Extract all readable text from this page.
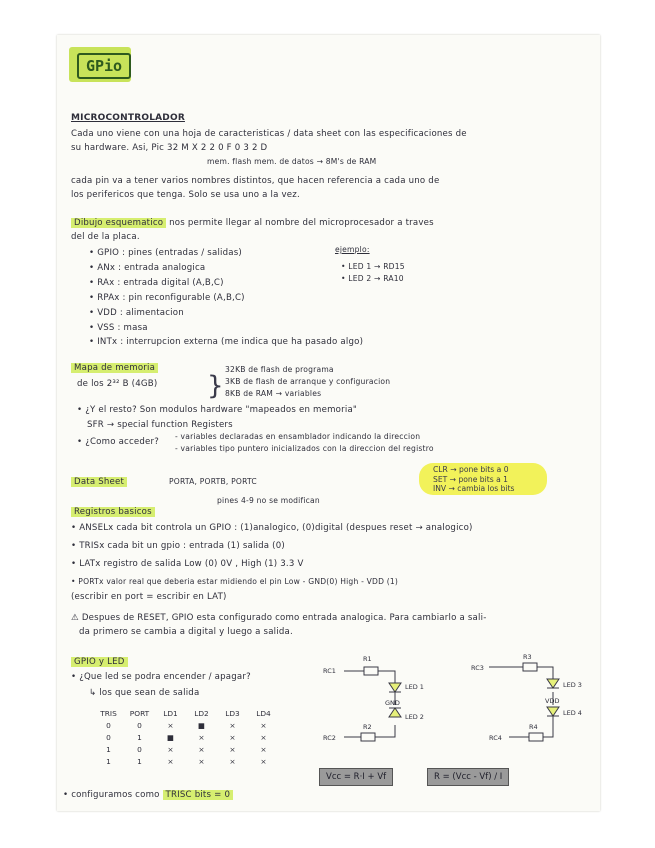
GPio
MICROCONTROLADOR
Cada uno viene con una hoja de caracteristicas / data sheet con las especificaciones de
su hardware. Asi, Pic 32 M X 2 2 0 F 0 3 2 D
mem. flash mem. de datos → 8M's de RAM
cada pin va a tener varios nombres distintos, que hacen referencia a cada uno de
los perifericos que tenga. Solo se usa uno a la vez.
Dibujo esquematico nos permite llegar al nombre del microprocesador a traves
del de la placa.
• GPIO : pines (entradas / salidas)
• ANx : entrada analogica
• RAx : entrada digital (A,B,C)
• RPAx : pin reconfigurable (A,B,C)
• VDD : alimentacion
• VSS : masa
• INTx : interrupcion externa (me indica que ha pasado algo)
ejemplo:
• LED 1 → RD15
• LED 2 → RA10
Mapa de memoria
de los 2³² B (4GB) }
32KB de flash de programa
3KB de flash de arranque y configuracion
8KB de RAM → variables
• ¿Y el resto? Son modulos hardware "mapeados en memoria"
SFR → special function Registers
• ¿Como acceder?
- variables declaradas en ensamblador indicando la direccion
- variables tipo puntero inicializados con la direccion del registro
Data Sheet	PORTA, PORTB, PORTC
CLR → pone bits a 0
SET → pone bits a 1
INV → cambia los bits
pines 4-9 no se modifican
Registros basicos
• ANSELx cada bit controla un GPIO : (1)analogico, (0)digital (despues reset → analogico)
• TRISx cada bit un gpio : entrada (1) salida (0)
• LATx registro de salida Low (0) 0V , High (1) 3.3 V
• PORTx valor real que deberia estar midiendo el pin Low - GND(0) High - VDD (1)
(escribir en port = escribir en LAT)
⚠ Despues de RESET, GPIO esta configurado como entrada analogica. Para cambiarlo a sali-
da primero se cambia a digital y luego a salida.
GPIO y LED
• ¿Que led se podra encender / apagar?
↳ los que sean de salida
TRIS	PORT	LD1	LD2	LD3	LD4
0	0	×	■	×	×
0	1	■	×	×	×
1	0	×	×	×	×
1	1	×	×	×	×
• configuramos como TRISC bits = 0
R1
RC1
LED 1
GND
LED 2
R2
RC2
RC3
R3
LED 3
VDD
LED 4
R4
RC4
Vcc = R·I + Vf	R = (Vcc - Vf) / I
